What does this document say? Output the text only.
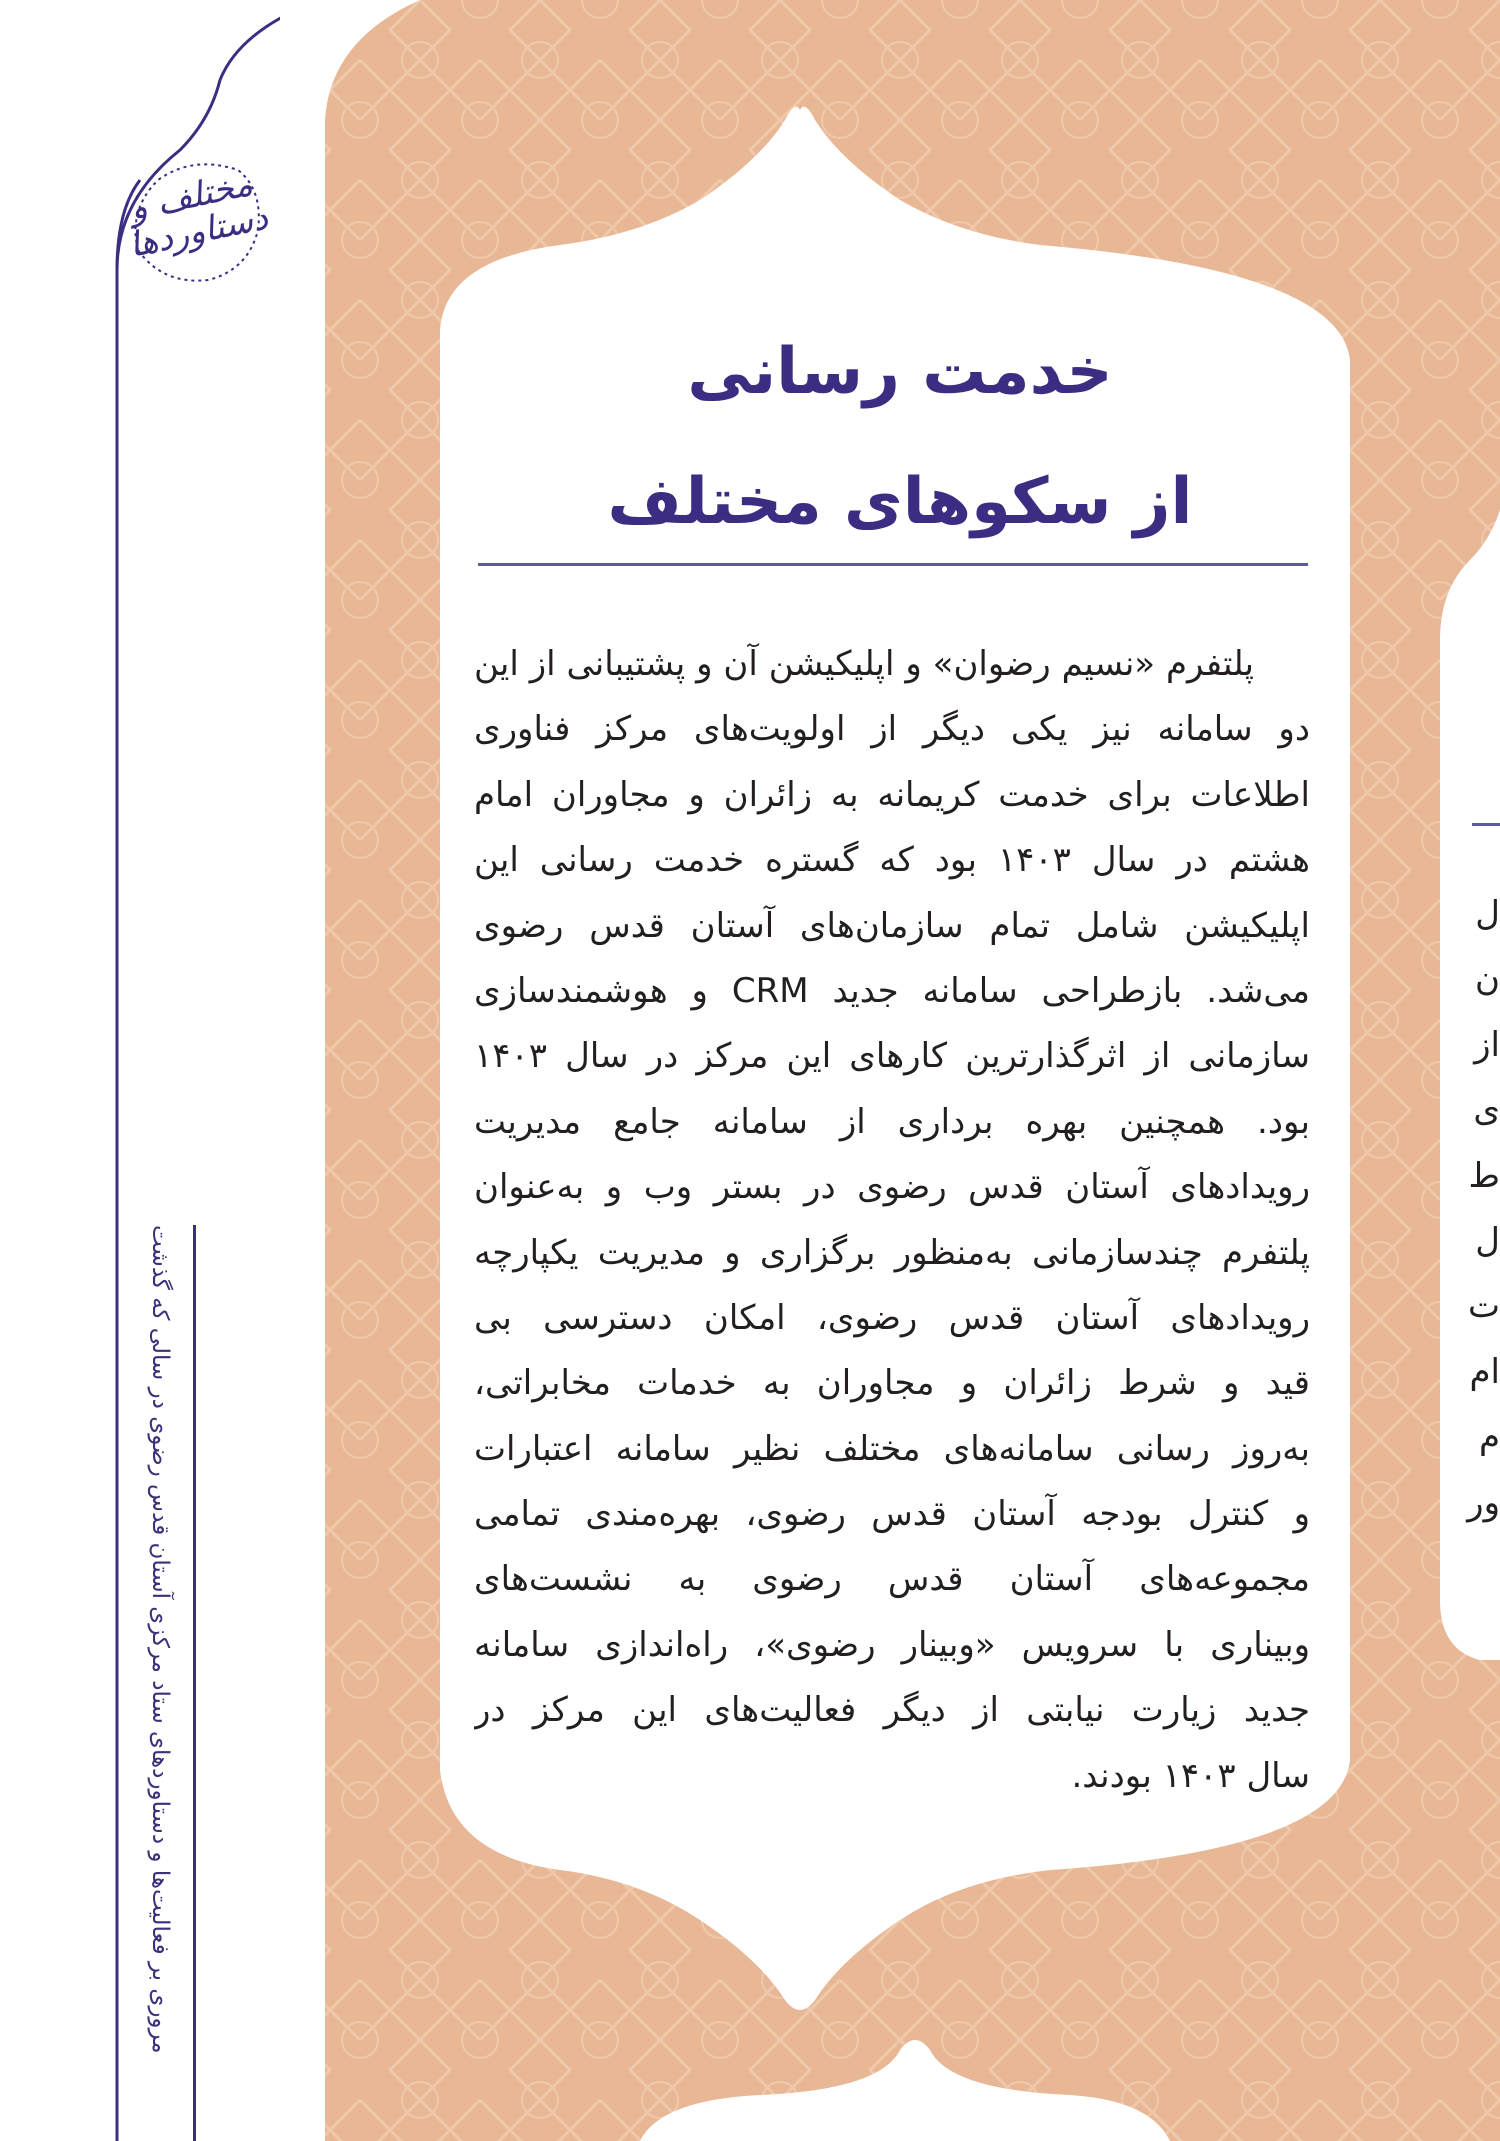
مختلف و دستاوردها
خدمت رسانی
از سکوهای مختلف
پلتفرم «نسیم رضوان» و اپلیکیشن آن و پشتیبانی از این
دو سامانه نیز یکی دیگر از اولویت‌های مرکز فناوری
اطلاعات برای خدمت کریمانه به زائران و مجاوران امام
هشتم در سال ۱۴۰۳ بود که گستره خدمت رسانی این
اپلیکیشن شامل تمام سازمان‌های آستان قدس رضوی
می‌شد. بازطراحی سامانه جدید CRM و هوشمندسازی
سازمانی از اثرگذارترین کارهای این مرکز در سال ۱۴۰۳
بود. همچنین بهره برداری از سامانه جامع مدیریت
رویدادهای آستان قدس رضوی در بستر وب و به‌عنوان
پلتفرم چندسازمانی به‌منظور برگزاری و مدیریت یکپارچه
رویدادهای آستان قدس رضوی، امکان دسترسی بی
قید و شرط زائران و مجاوران به خدمات مخابراتی،
به‌روز رسانی سامانه‌های مختلف نظیر سامانه اعتبارات
و کنترل بودجه آستان قدس رضوی، بهره‌مندی تمامی
مجموعه‌های آستان قدس رضوی به نشست‌های
وبیناری با سرویس «وبینار رضوی»، راه‌اندازی سامانه
جدید زیارت نیابتی از دیگر فعالیت‌های این مرکز در
سال ۱۴۰۳ بودند.
ل
ن
از
ی
ط
ل
ت
ام
م
ور
